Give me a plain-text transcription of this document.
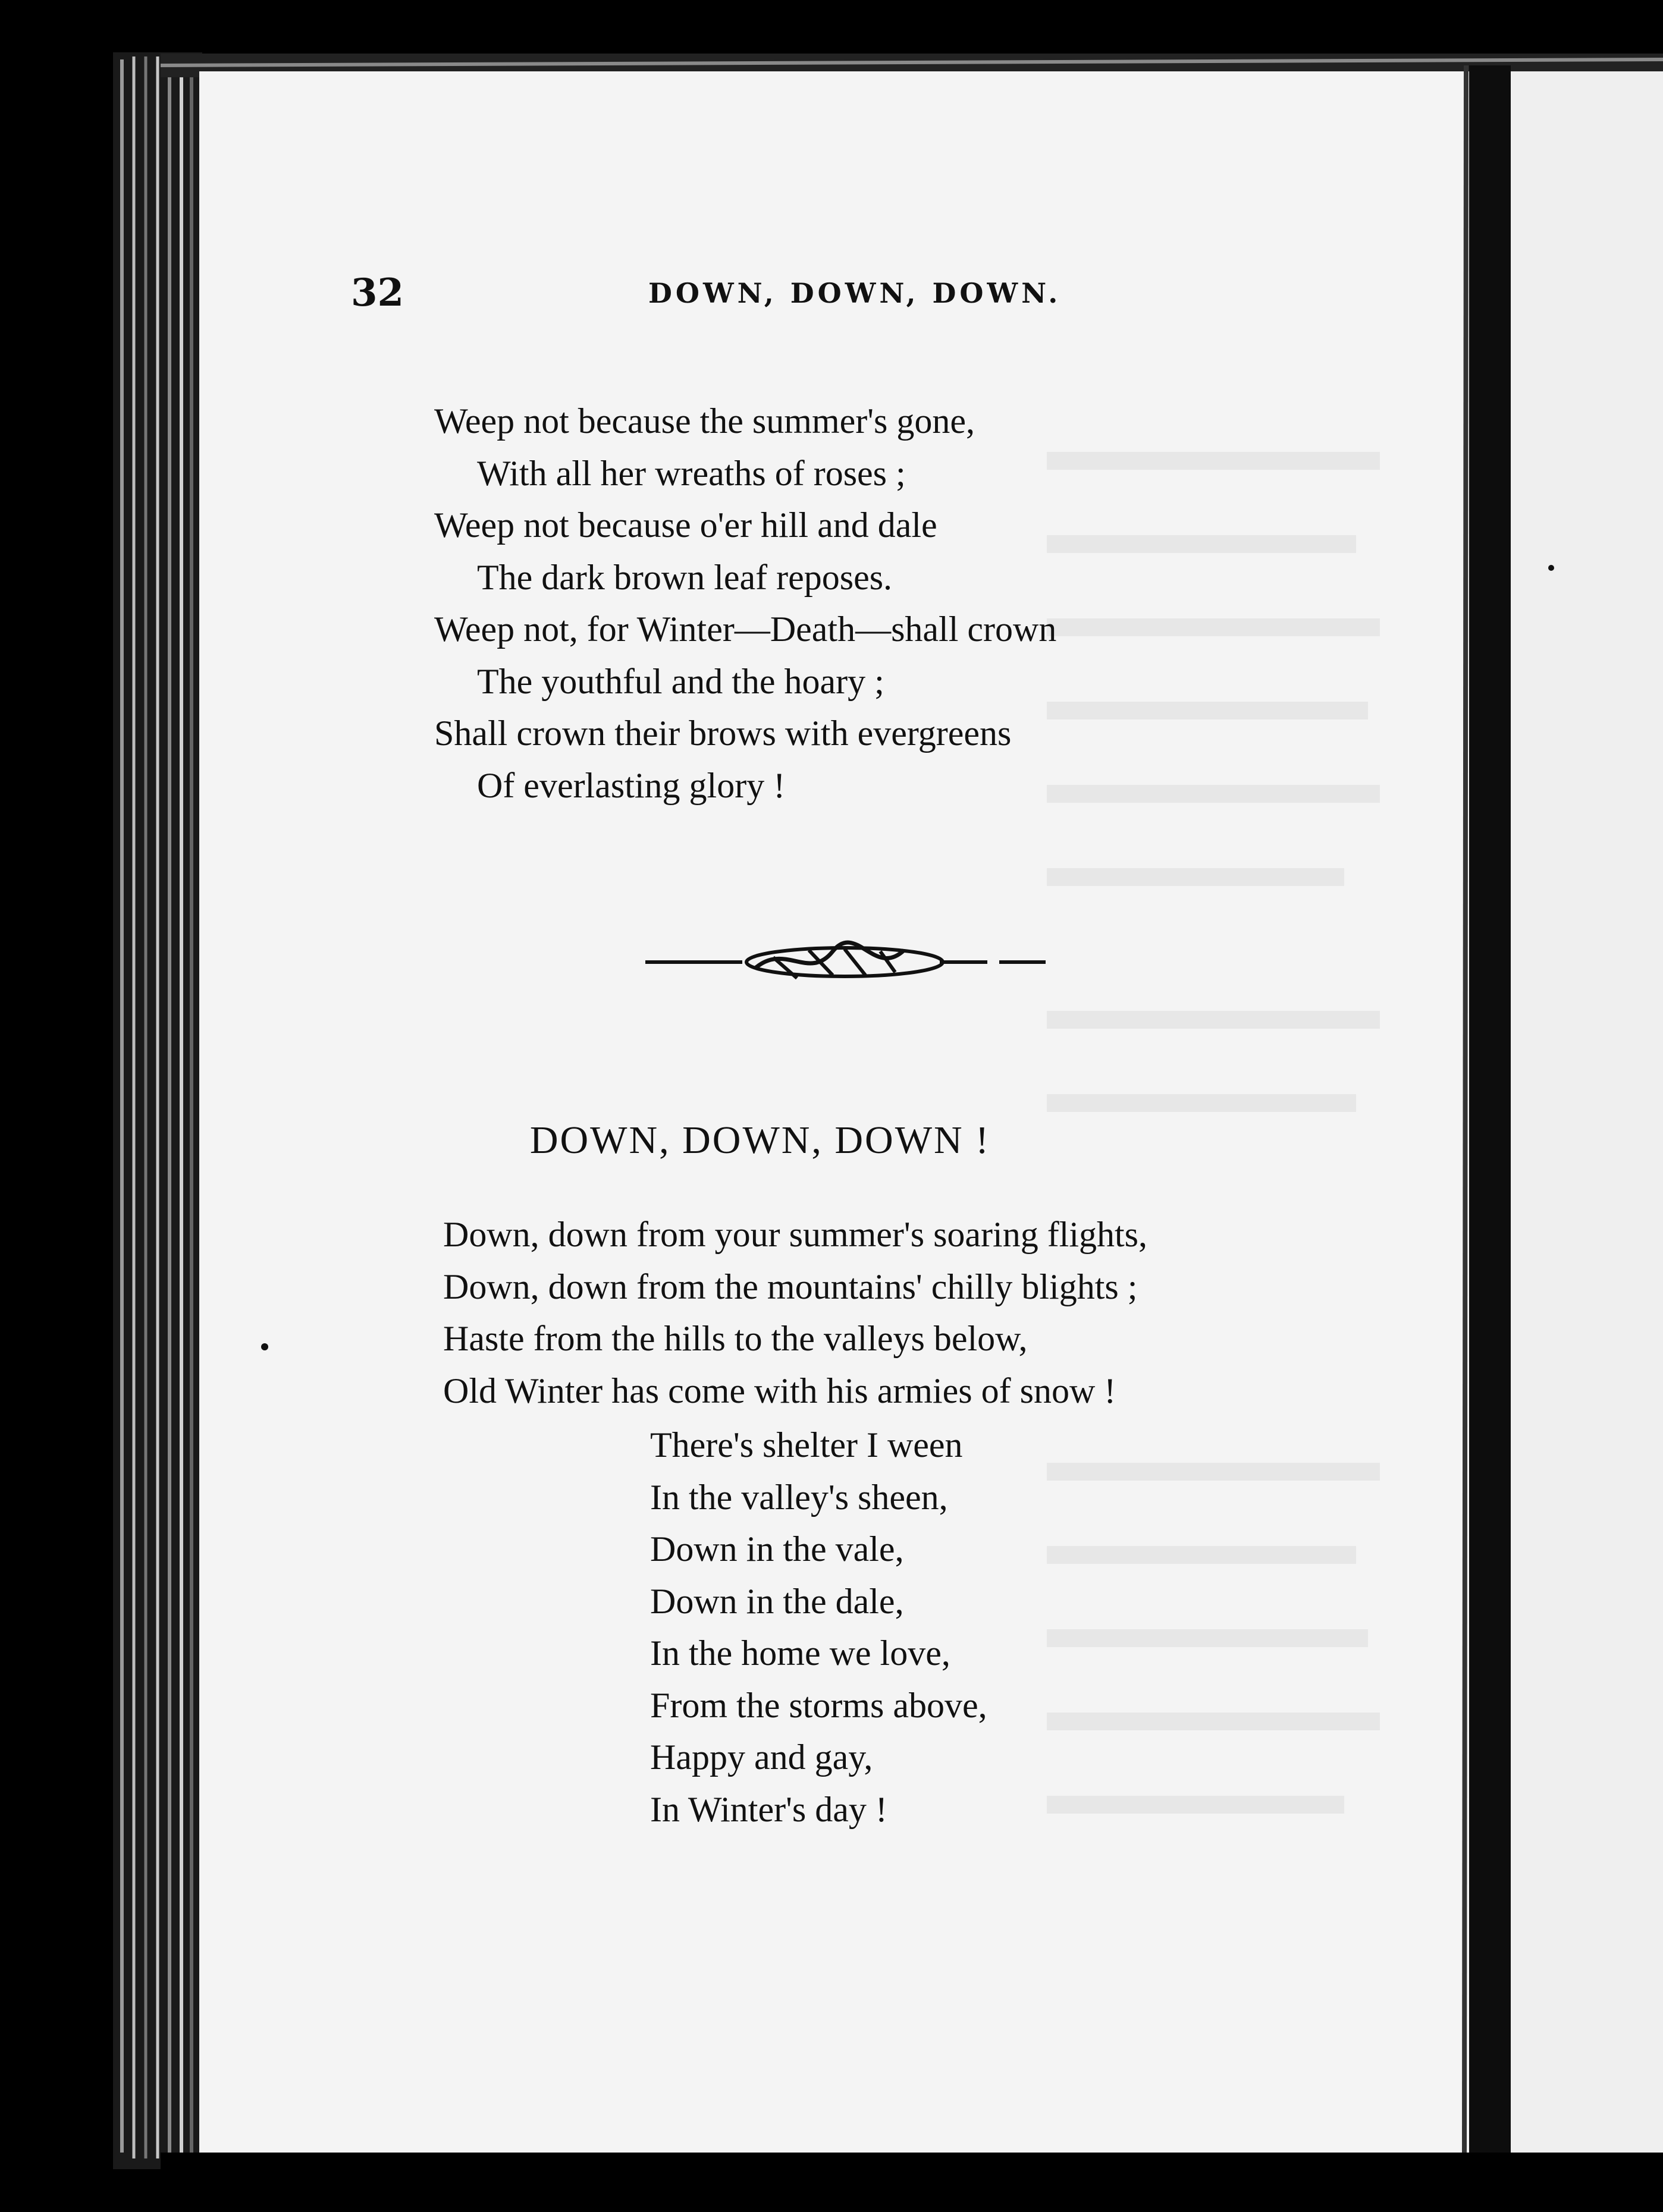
32	DOWN, DOWN, DOWN.
Weep not because the summer's gone,
With all her wreaths of roses ;
Weep not because o'er hill and dale
The dark brown leaf reposes.
Weep not, for Winter—Death—shall crown
The youthful and the hoary ;
Shall crown their brows with evergreens
Of everlasting glory !
DOWN, DOWN, DOWN !
Down, down from your summer's soaring flights,
Down, down from the mountains' chilly blights ;
Haste from the hills to the valleys below,
Old Winter has come with his armies of snow !
There's shelter I ween
In the valley's sheen,
Down in the vale,
Down in the dale,
In the home we love,
From the storms above,
Happy and gay,
In Winter's day !
